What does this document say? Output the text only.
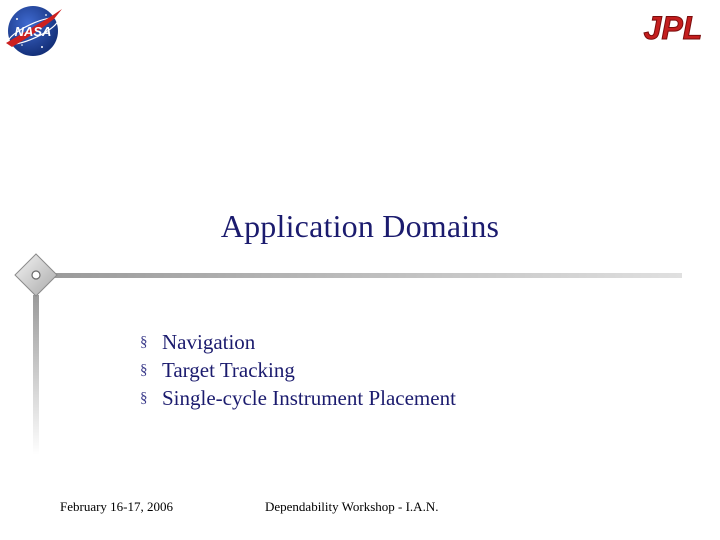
NASA	JPL
Application Domains
§ Navigation
§ Target Tracking
§ Single-cycle Instrument Placement
February 16-17, 2006	Dependability Workshop - I.A.N.
